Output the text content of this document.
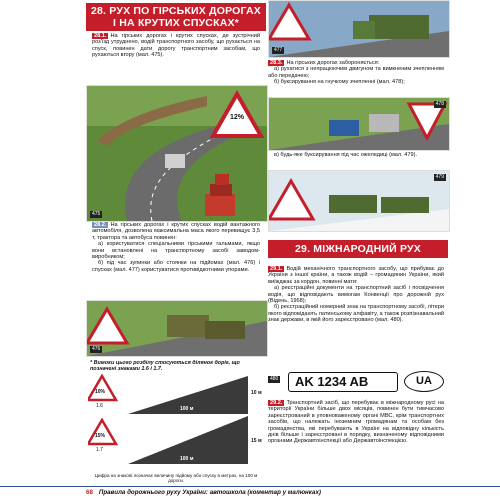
28. РУХ ПО ГІРСЬКИХ ДОРОГАХ І НА КРУТИХ СПУСКАХ*
28.1. На гірських дорогах і крутих спусках, де зустрічний роз'їзд утруднено, водій транспортного засобу, що рухається на спуск, повинен дати дорогу транспортним засобам, що рухаються вгору (мал. 475).
475
12%
28.2. На гірських дорогах і крутих спусках водій вантажного автомобіля, дозволена максимальна маса якого перевищує 3,5 т, трактора та автобуса повинен:
а) користуватися спеціальними гірськими гальмами, якщо вони встановлені на транспортному засобі заводом-виробником;
б) під час зупинки або стоянки на підйомах (мал. 476) і спусках (мал. 477) користуватися противідкотними упорами.
476
* Вимоги цього розділу стосуються ділянок доріг, що позначені знаками 1.6 і 1.7.
10%
1.6
15%
1.7
100 м
10 м
100 м
15 м
Цифра на знакові позначає величину підйому або спуску в метрах, на 100 м дороги.
477
28.3. На гірських дорогах забороняється:
а) рухатися з непрацюючим двигуном та вимкненим зчепленням або передачею;
б) буксирування на гнучкому зчепленні (мал. 478);
478
в) будь-яке буксирування під час ожеледиці (мал. 479).
479
29. МІЖНАРОДНИЙ РУХ
29.1. Водій механічного транспортного засобу, що прибуває до України з іншої країни, а також водій – громадянин України, який виїжджає за кордон, повинні мати:
а) реєстраційні документи на транспортний засіб і посвідчення водія, що відповідають вимогам Конвенції про дорожній рух (Відень, 1968);
б) реєстраційний номерний знак на транспортному засобі, літери якого відповідають латинському алфавіту, а також розпізнавальний знак держави, в якій його зареєстровано (мал. 480).
480 AK 1234 AB	UA
29.2. Транспортний засіб, що перебуває в міжнародному русі на території України більше двох місяців, повинен бути тимчасово зареєстрований в уповноваженому органі МВС, крім транспортних засобів, що належать іноземним громадянам та особам без громадянства, які перебувають в Україні на відповідну кількість днів більше і зареєстровані в порядку, визначеному відповідними органами Державтоінспекції або Державтоінспекцією.
68 Правила дорожнього руху України: автошкола (коментар у малюнках)
